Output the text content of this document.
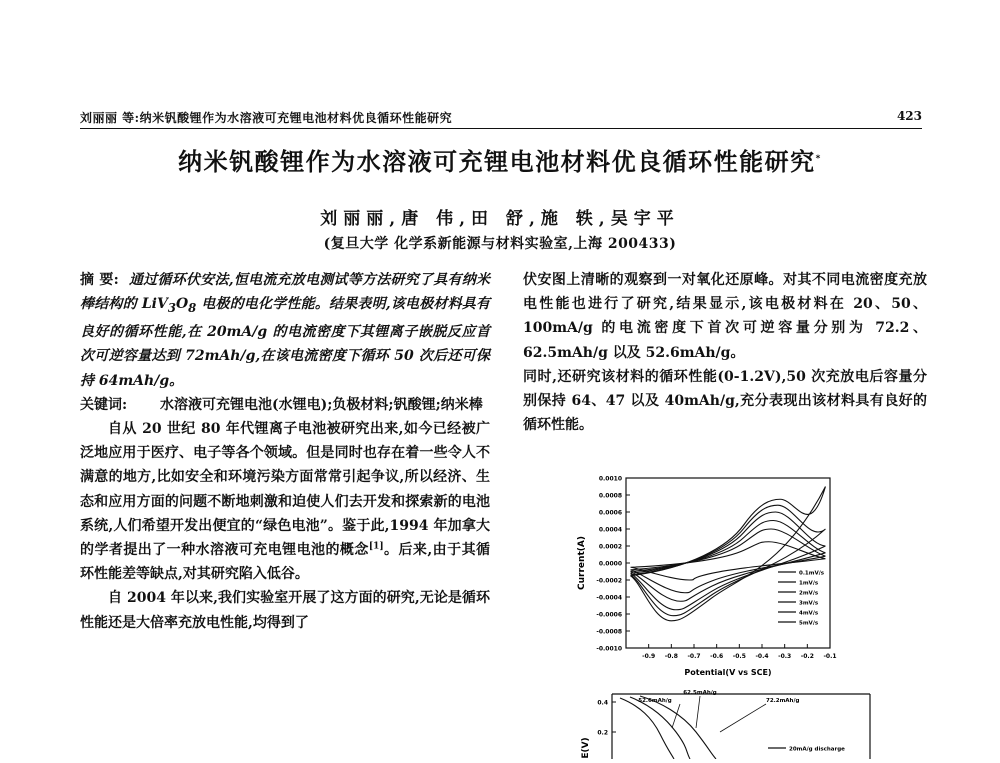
刘丽丽 等:纳米钒酸锂作为水溶液可充锂电池材料优良循环性能研究	423
纳米钒酸锂作为水溶液可充锂电池材料优良循环性能研究*
刘丽丽,唐 伟,田 舒,施 轶,吴宇平
(复旦大学 化学系新能源与材料实验室,上海 200433)

摘 要: 通过循环伏安法,恒电流充放电测试等方法研究了具有纳米棒结构的 $LiV_3O_8$ 电极的电化学性能。结果表明,该电极材料具有良好的循环性能,在 20mA/g 的电流密度下其锂离子嵌脱反应首次可逆容量达到 72mAh/g,在该电流密度下循环 50 次后还可保持 64mAh/g。

关键词:	水溶液可充锂电池(水锂电);负极材料;钒酸锂;纳米棒

自从 20 世纪 80 年代锂离子电池被研究出来,如今已经被广泛地应用于医疗、电子等各个领域。但是同时也存在着一些令人不满意的地方,比如安全和环境污染方面常常引起争议,所以经济、生态和应用方面的问题不断地刺激和迫使人们去开发和探索新的电池系统,人们希望开发出便宜的“绿色电池”。鉴于此,1994 年加拿大的学者提出了一种水溶液可充电锂电池的概念[1]。后来,由于其循环性能差等缺点,对其研究陷入低谷。

自 2004 年以来,我们实验室开展了这方面的研究,无论是循环性能还是大倍率充放电性能,均得到了

伏安图上清晰的观察到一对氧化还原峰。对其不同电流密度充放电性能也进行了研究,结果显示,该电极材料在 20、50、100mA/g 的电流密度下首次可逆容量分别为 72.2、62.5mAh/g 以及 52.6mAh/g。

同时,还研究该材料的循环性能(0-1.2V),50 次充放电后容量分别保持 64、47 以及 40mAh/g,充分表现出该材料具有良好的循环性能。

0.0010
0.0008
0.0006
0.0004
0.0002
0.0000
-0.0002
-0.0004
-0.0006
-0.0008
-0.0010
-0.9 -0.8 -0.7 -0.6 -0.5 -0.4 -0.3 -0.2 -0.1
Potential(V vs SCE)
Current(A)	0.1mV/s
1mV/s
2mV/s
3mV/s
4mV/s
5mV/s
0.4
0.2
E(V)
62.5mAh/g
52.6mAh/g	72.2mAh/g
20mA/g discharge
